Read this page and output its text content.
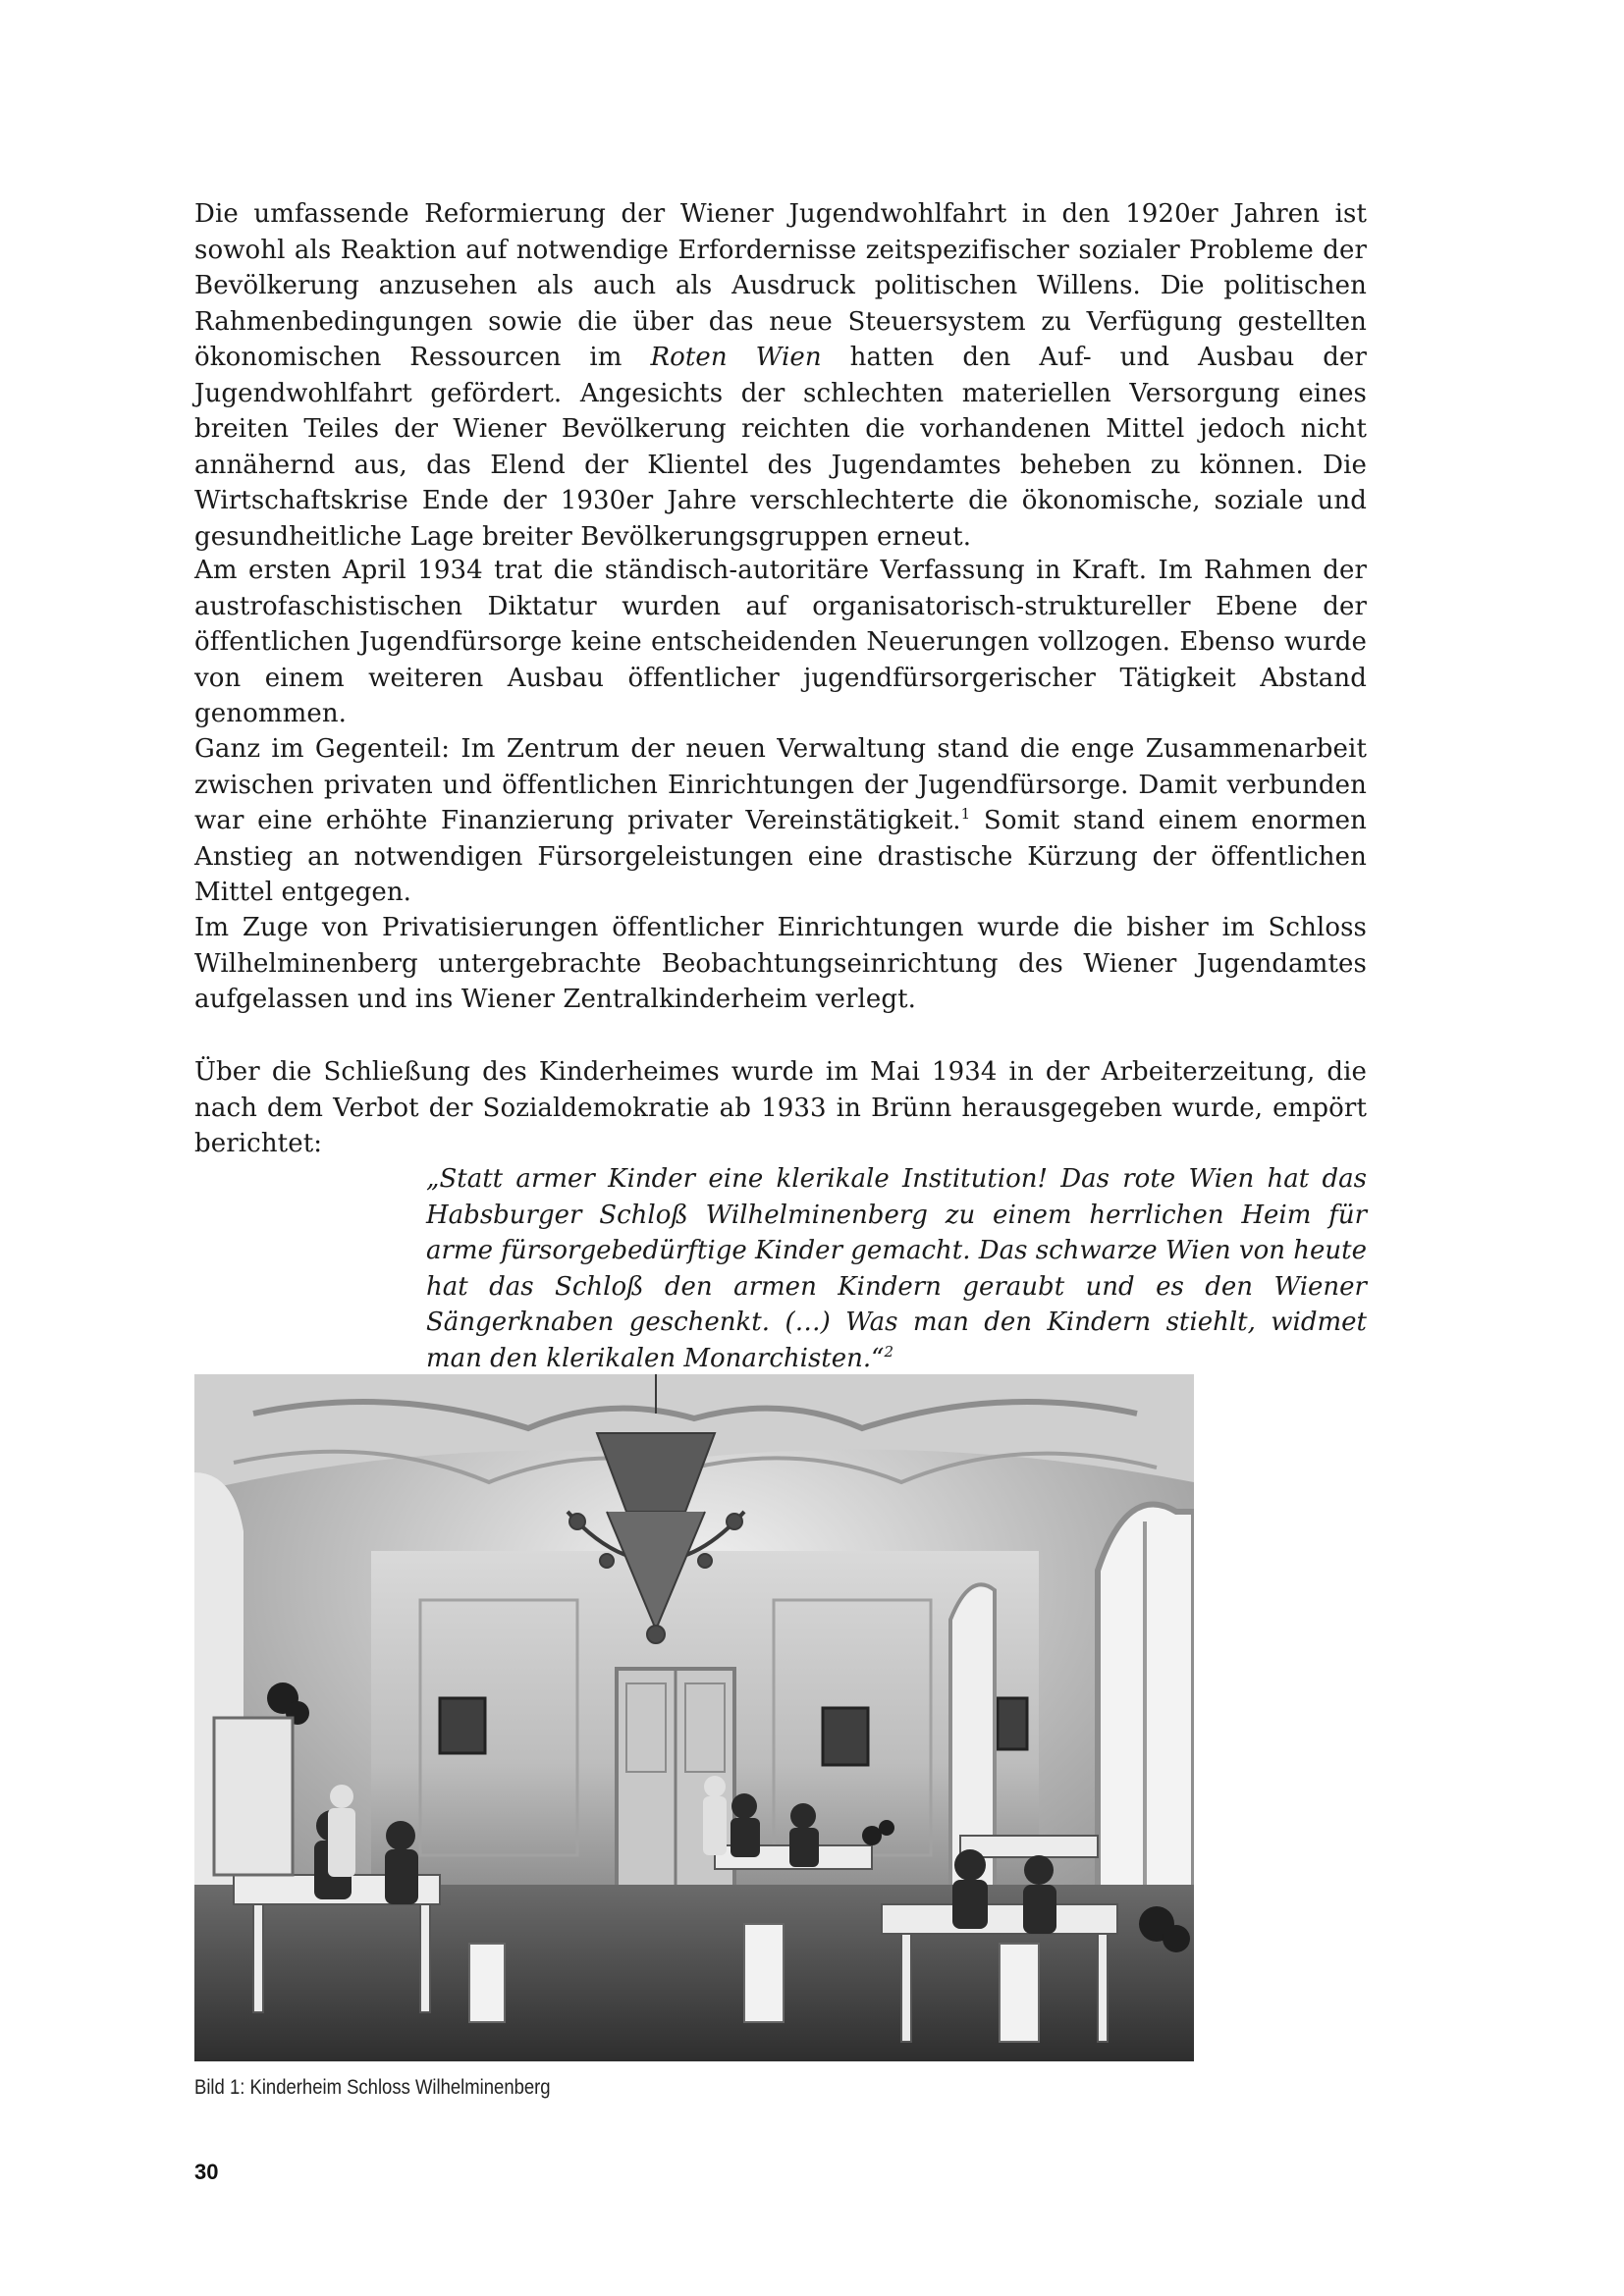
Die umfassende Reformierung der Wiener Jugendwohlfahrt in den 1920er Jahren ist sowohl als Reaktion auf notwendige Erfordernisse zeitspezifischer sozialer Probleme der Bevölkerung anzusehen als auch als Ausdruck politischen Willens. Die politischen Rahmenbedingungen sowie die über das neue Steuersystem zu Verfügung gestellten ökonomischen Ressourcen im Roten Wien hatten den Auf- und Ausbau der Jugendwohlfahrt gefördert. Angesichts der schlechten materiellen Versorgung eines breiten Teiles der Wiener Bevölkerung reichten die vorhandenen Mittel jedoch nicht annähernd aus, das Elend der Klientel des Jugendamtes beheben zu können. Die Wirtschaftskrise Ende der 1930er Jahre verschlechterte die ökonomische, soziale und gesundheitliche Lage breiter Bevölkerungsgruppen erneut.

Am ersten April 1934 trat die ständisch-autoritäre Verfassung in Kraft. Im Rahmen der austrofaschistischen Diktatur wurden auf organisatorisch-struktureller Ebene der öffentlichen Jugendfürsorge keine entscheidenden Neuerungen vollzogen. Ebenso wurde von einem weiteren Ausbau öffentlicher jugendfürsorgerischer Tätigkeit Abstand genommen.

Ganz im Gegenteil: Im Zentrum der neuen Verwaltung stand die enge Zusammenarbeit zwischen privaten und öffentlichen Einrichtungen der Jugendfürsorge. Damit verbunden war eine erhöhte Finanzierung privater Vereinstätigkeit.$^1$ Somit stand einem enormen Anstieg an notwendigen Fürsorgeleistungen eine drastische Kürzung der öffentlichen Mittel entgegen.

Im Zuge von Privatisierungen öffentlicher Einrichtungen wurde die bisher im Schloss Wilhelminenberg untergebrachte Beobachtungseinrichtung des Wiener Jugendamtes aufgelassen und ins Wiener Zentralkinderheim verlegt.

Über die Schließung des Kinderheimes wurde im Mai 1934 in der Arbeiterzeitung, die nach dem Verbot der Sozialdemokratie ab 1933 in Brünn herausgegeben wurde, empört berichtet:

„Statt armer Kinder eine klerikale Institution! Das rote Wien hat das Habsburger Schloß Wilhelminenberg zu einem herrlichen Heim für arme fürsorgebedürftige Kinder gemacht. Das schwarze Wien von heute hat das Schloß den armen Kindern geraubt und es den Wiener Sängerknaben geschenkt. (…) Was man den Kindern stiehlt, widmet man den klerikalen Monarchisten.“$^2$

Bild 1: Kinderheim Schloss Wilhelminenberg
30
